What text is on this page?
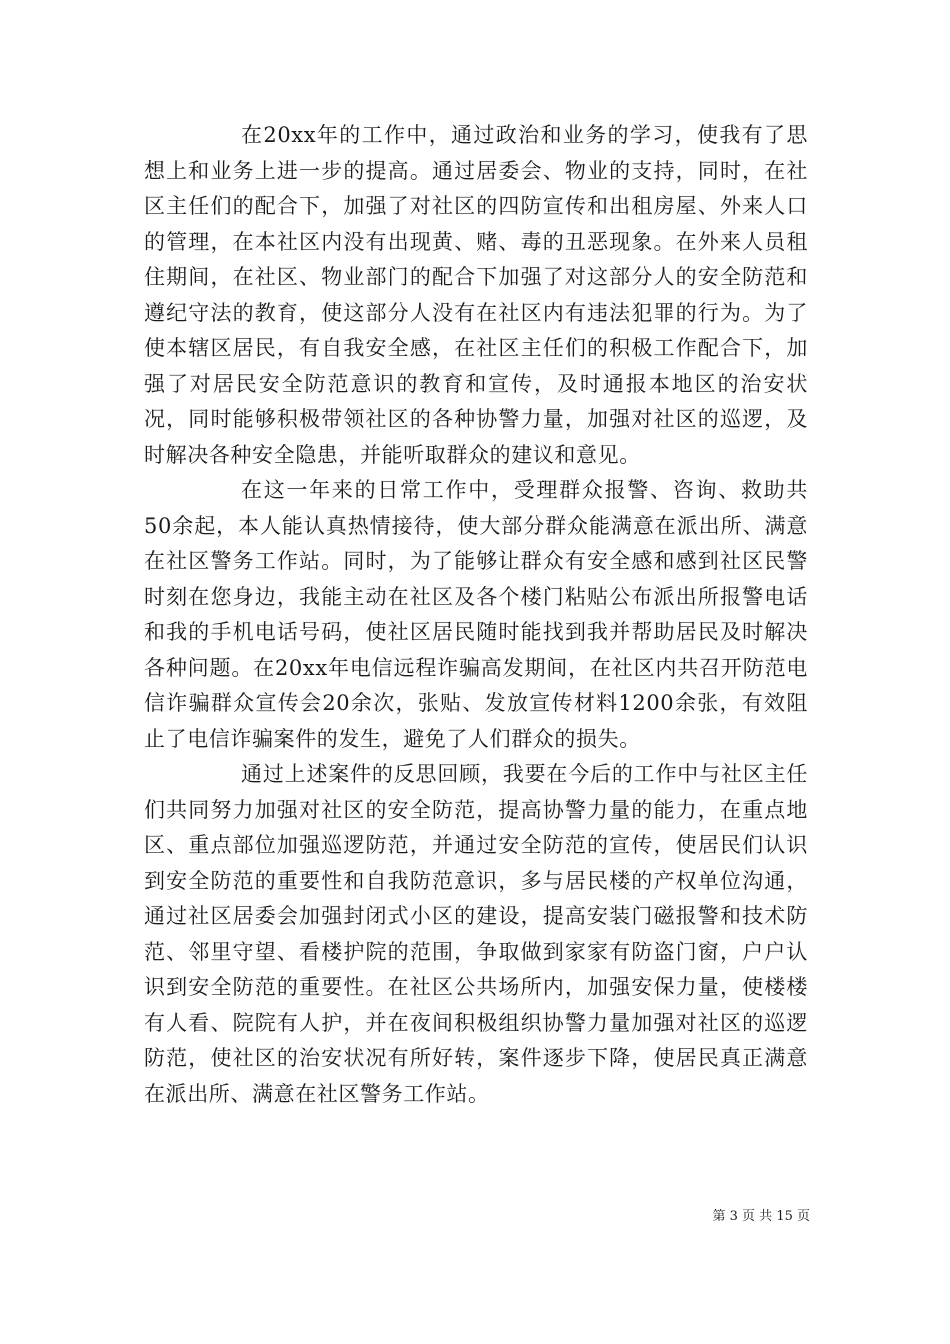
在20xx年的工作中，通过政治和业务的学习，使我有了思想上和业务上进一步的提高。通过居委会、物业的支持，同时，在社区主任们的配合下，加强了对社区的四防宣传和出租房屋、外来人口的管理，在本社区内没有出现黄、赌、毒的丑恶现象。在外来人员租住期间，在社区、物业部门的配合下加强了对这部分人的安全防范和遵纪守法的教育，使这部分人没有在社区内有违法犯罪的行为。为了使本辖区居民，有自我安全感，在社区主任们的积极工作配合下，加强了对居民安全防范意识的教育和宣传，及时通报本地区的治安状况，同时能够积极带领社区的各种协警力量，加强对社区的巡逻，及时解决各种安全隐患，并能听取群众的建议和意见。

在这一年来的日常工作中，受理群众报警、咨询、救助共50余起，本人能认真热情接待，使大部分群众能满意在派出所、满意在社区警务工作站。同时，为了能够让群众有安全感和感到社区民警时刻在您身边，我能主动在社区及各个楼门粘贴公布派出所报警电话和我的手机电话号码，使社区居民随时能找到我并帮助居民及时解决各种问题。在20xx年电信远程诈骗高发期间，在社区内共召开防范电信诈骗群众宣传会20余次，张贴、发放宣传材料1200余张，有效阻止了电信诈骗案件的发生，避免了人们群众的损失。

通过上述案件的反思回顾，我要在今后的工作中与社区主任们共同努力加强对社区的安全防范，提高协警力量的能力，在重点地区、重点部位加强巡逻防范，并通过安全防范的宣传，使居民们认识到安全防范的重要性和自我防范意识，多与居民楼的产权单位沟通，通过社区居委会加强封闭式小区的建设，提高安装门磁报警和技术防范、邻里守望、看楼护院的范围，争取做到家家有防盗门窗，户户认识到安全防范的重要性。在社区公共场所内，加强安保力量，使楼楼有人看、院院有人护，并在夜间积极组织协警力量加强对社区的巡逻防范，使社区的治安状况有所好转，案件逐步下降，使居民真正满意在派出所、满意在社区警务工作站。

第 3 页 共 15 页
